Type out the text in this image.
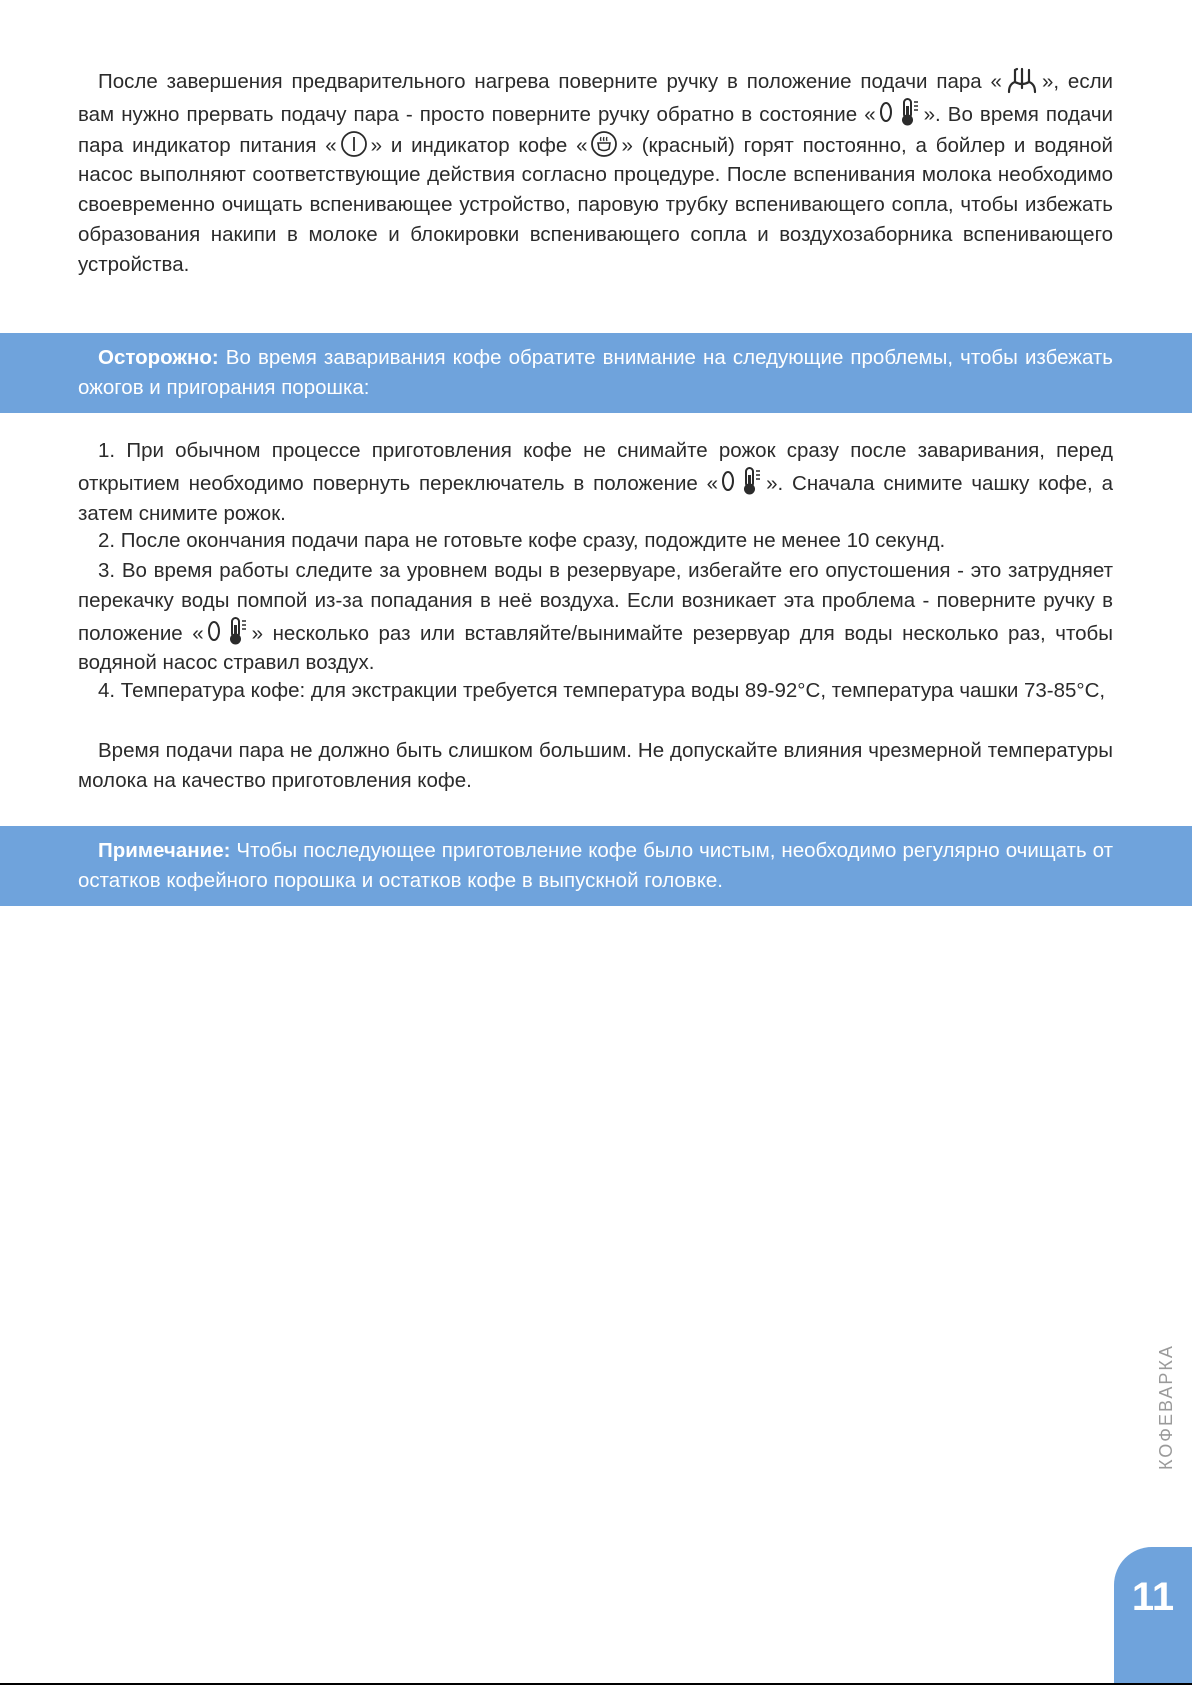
После завершения предварительного нагрева поверните ручку в положение подачи пара « », если вам нужно прервать подачу пара - просто поверните ручку обратно в состояние « ». Во время подачи пара индикатор питания « » и индикатор кофе « » (красный) горят постоянно, а бойлер и водяной насос выполняют соответствующие действия согласно процедуре. После вспенивания молока необходимо своевременно очищать вспенивающее устройство, паровую трубку вспенивающего сопла, чтобы избежать образования накипи в молоке и блокировки вспенивающего сопла и воздухозаборника вспенивающего устройства.

Осторожно: Во время заваривания кофе обратите внимание на следующие проблемы, чтобы избежать ожогов и пригорания порошка:

1. При обычном процессе приготовления кофе не снимайте рожок сразу после заваривания, перед открытием необходимо повернуть переключатель в положение « ». Сначала снимите чашку кофе, а затем снимите рожок.

2. После окончания подачи пара не готовьте кофе сразу, подождите не менее 10 секунд.

3. Во время работы следите за уровнем воды в резервуаре, избегайте его опустошения - это затрудняет перекачку воды помпой из-за попадания в неё воздуха. Если возникает эта проблема - поверните ручку в положение « » несколько раз или вставляйте/вынимайте резервуар для воды несколько раз, чтобы водяной насос стравил воздух.

4. Температура кофе: для экстракции требуется температура воды 89-92°C, температура чашки 73-85°C,

Время подачи пара не должно быть слишком большим. Не допускайте влияния чрезмерной температуры молока на качество приготовления кофе.

Примечание: Чтобы последующее приготовление кофе было чистым, необходимо регулярно очищать от остатков кофейного порошка и остатков кофе в выпускной головке.

КОФЕВАРКА
11
